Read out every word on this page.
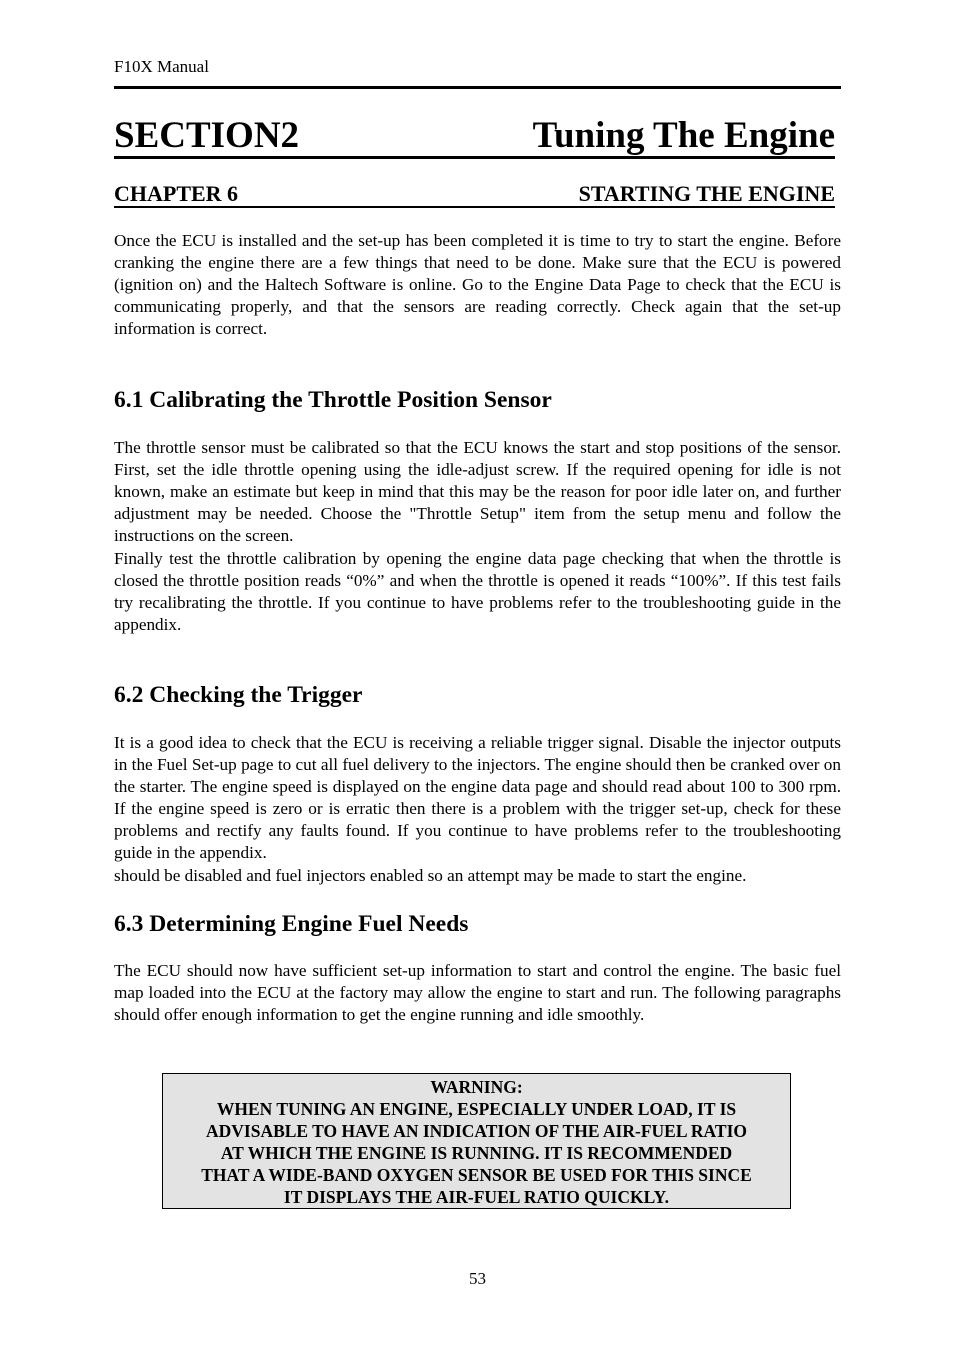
F10X Manual
SECTION2	Tuning The Engine
CHAPTER 6	STARTING THE ENGINE

Once the ECU is installed and the set-up has been completed it is time to try to start the engine. Before cranking the engine there are a few things that need to be done. Make sure that the ECU is powered (ignition on) and the Haltech Software is online. Go to the Engine Data Page to check that the ECU is communicating properly, and that the sensors are reading correctly. Check again that the set-up information is correct.

6.1 Calibrating the Throttle Position Sensor

The throttle sensor must be calibrated so that the ECU knows the start and stop positions of the sensor. First, set the idle throttle opening using the idle-adjust screw. If the required opening for idle is not known, make an estimate but keep in mind that this may be the reason for poor idle later on, and further adjustment may be needed. Choose the "Throttle Setup" item from the setup menu and follow the instructions on the screen.

Finally test the throttle calibration by opening the engine data page checking that when the throttle is closed the throttle position reads “0%” and when the throttle is opened it reads “100%”. If this test fails try recalibrating the throttle. If you continue to have problems refer to the troubleshooting guide in the appendix.

6.2 Checking the Trigger

It is a good idea to check that the ECU is receiving a reliable trigger signal. Disable the injector outputs in the Fuel Set-up page to cut all fuel delivery to the injectors. The engine should then be cranked over on the starter. The engine speed is displayed on the engine data page and should read about 100 to 300 rpm. If the engine speed is zero or is erratic then there is a problem with the trigger set-up, check for these problems and rectify any faults found. If you continue to have problems refer to the troubleshooting guide in the appendix.

should be disabled and fuel injectors enabled so an attempt may be made to start the engine.

6.3 Determining Engine Fuel Needs

The ECU should now have sufficient set-up information to start and control the engine. The basic fuel map loaded into the ECU at the factory may allow the engine to start and run. The following paragraphs should offer enough information to get the engine running and idle smoothly.

WARNING:
WHEN TUNING AN ENGINE, ESPECIALLY UNDER LOAD, IT IS
ADVISABLE TO HAVE AN INDICATION OF THE AIR-FUEL RATIO
AT WHICH THE ENGINE IS RUNNING. IT IS RECOMMENDED
THAT A WIDE-BAND OXYGEN SENSOR BE USED FOR THIS SINCE
IT DISPLAYS THE AIR-FUEL RATIO QUICKLY.
53
